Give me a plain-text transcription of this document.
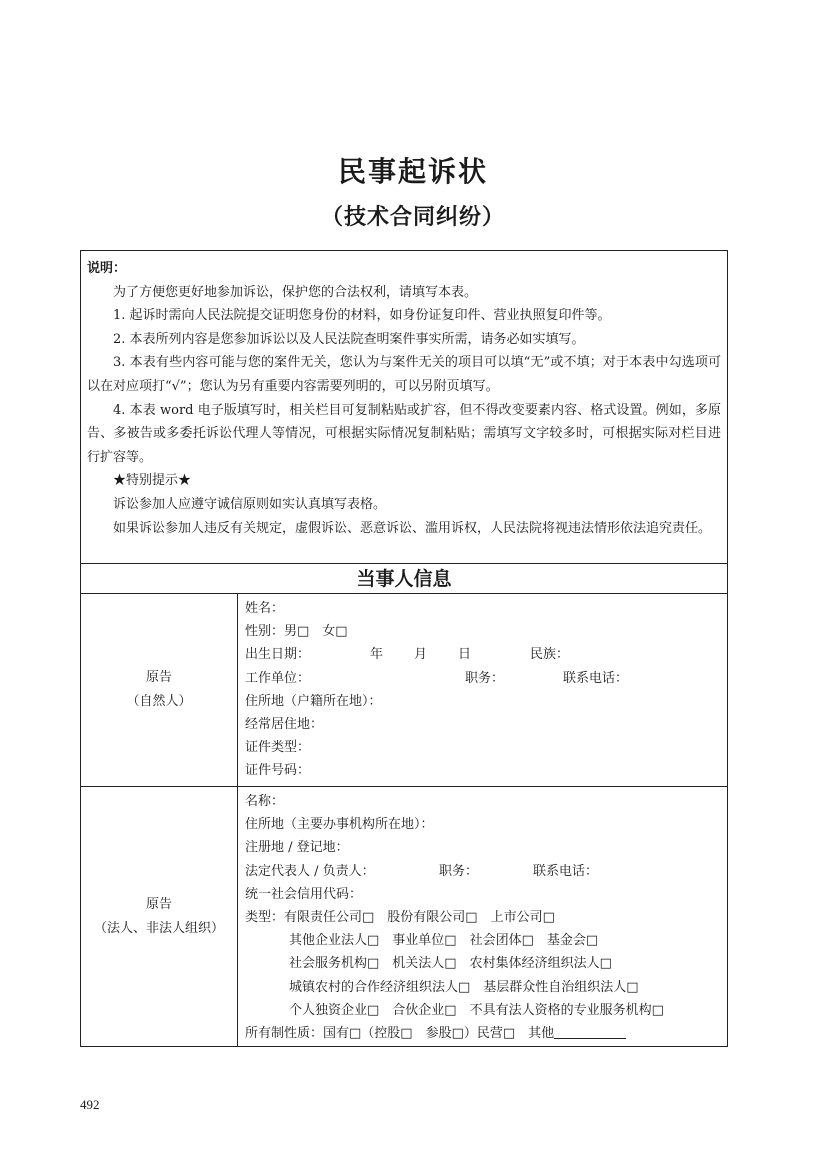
民事起诉状
（技术合同纠纷）

说明：

为了方便您更好地参加诉讼，保护您的合法权利，请填写本表。

1. 起诉时需向人民法院提交证明您身份的材料，如身份证复印件、营业执照复印件等。

2. 本表所列内容是您参加诉讼以及人民法院查明案件事实所需，请务必如实填写。

3. 本表有些内容可能与您的案件无关，您认为与案件无关的项目可以填“无”或不填；对于本表中勾选项可以在对应项打“√”；您认为另有重要内容需要列明的，可以另附页填写。

4. 本表 word 电子版填写时，相关栏目可复制粘贴或扩容，但不得改变要素内容、格式设置。例如，多原告、多被告或多委托诉讼代理人等情况，可根据实际情况复制粘贴；需填写文字较多时，可根据实际对栏目进行扩容等。

★特别提示★

诉讼参加人应遵守诚信原则如实认真填写表格。

如果诉讼参加人违反有关规定，虚假诉讼、恶意诉讼、滥用诉权，人民法院将视违法情形依法追究责任。

当事人信息
原告
（自然人）
姓名：
性别：男□　女□
出生日期：	年 月 日	民族：
工作单位：	职务：	联系电话：
住所地（户籍所在地）：
经常居住地：
证件类型：
证件号码：
原告
（法人、非法人组织）
名称：
住所地（主要办事机构所在地）：
注册地 / 登记地：
法定代表人 / 负责人：	职务：	联系电话：
统一社会信用代码：
类型：有限责任公司□　股份有限公司□　上市公司□
其他企业法人□　事业单位□　社会团体□　基金会□
社会服务机构□　机关法人□　农村集体经济组织法人□
城镇农村的合作经济组织法人□　基层群众性自治组织法人□
个人独资企业□　合伙企业□　不具有法人资格的专业服务机构□
所有制性质：国有□（控股□　参股□）民营□　其他
492
